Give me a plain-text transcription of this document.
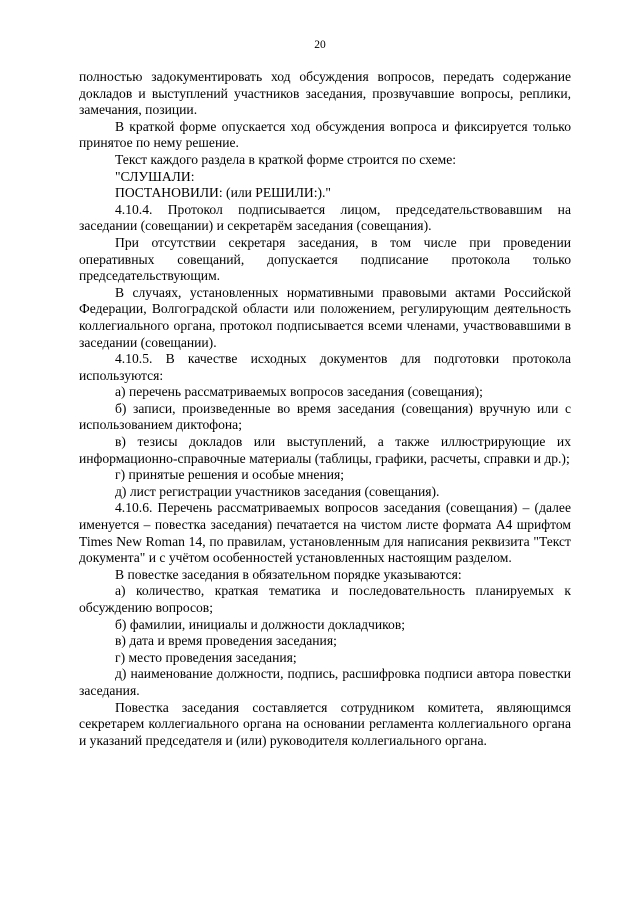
20

полностью задокументировать ход обсуждения вопросов, передать содержание докладов и выступлений участников заседания, прозвучавшие вопросы, реплики, замечания, позиции.

В краткой форме опускается ход обсуждения вопроса и фиксируется только принятое по нему решение.

Текст каждого раздела в краткой форме строится по схеме:

"СЛУШАЛИ:

ПОСТАНОВИЛИ: (или РЕШИЛИ:)."

4.10.4. Протокол подписывается лицом, председательствовавшим на заседании (совещании) и секретарём заседания (совещания).

При отсутствии секретаря заседания, в том числе при проведении оперативных совещаний, допускается подписание протокола только председательствующим.

В случаях, установленных нормативными правовыми актами Российской Федерации, Волгоградской области или положением, регулирующим деятельность коллегиального органа, протокол подписывается всеми членами, участвовавшими в заседании (совещании).

4.10.5. В качестве исходных документов для подготовки протокола используются:

а) перечень рассматриваемых вопросов заседания (совещания);

б) записи, произведенные во время заседания (совещания) вручную или с использованием диктофона;

в) тезисы докладов или выступлений, а также иллюстрирующие их информационно-справочные материалы (таблицы, графики, расчеты, справки и др.);

г) принятые решения и особые мнения;

д) лист регистрации участников заседания (совещания).

4.10.6. Перечень рассматриваемых вопросов заседания (совещания) – (далее именуется – повестка заседания) печатается на чистом листе формата А4 шрифтом Times New Roman 14, по правилам, установленным для написания реквизита "Текст документа" и с учётом особенностей установленных настоящим разделом.

В повестке заседания в обязательном порядке указываются:

а) количество, краткая тематика и последовательность планируемых к обсуждению вопросов;

б) фамилии, инициалы и должности докладчиков;

в) дата и время проведения заседания;

г) место проведения заседания;

д) наименование должности, подпись, расшифровка подписи автора повестки заседания.

Повестка заседания составляется сотрудником комитета, являющимся секретарем коллегиального органа на основании регламента коллегиального органа и указаний председателя и (или) руководителя коллегиального органа.
